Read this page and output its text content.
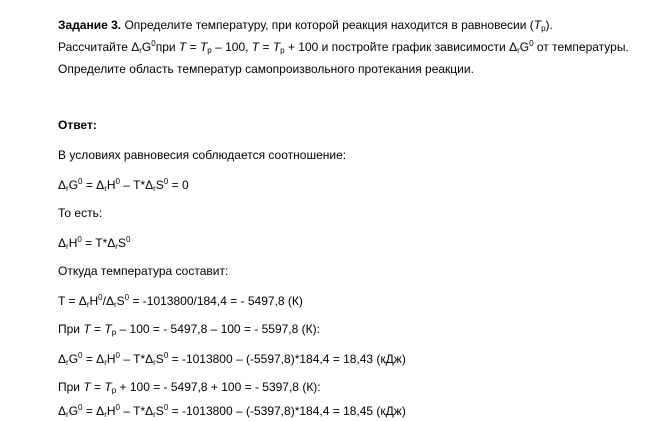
Задание 3. Определите температуру, при которой реакция находится в равновесии $(T_p)$.
Рассчитайте $\Delta_rG^0при$ $T = T_p - 100$, $T = T_p + 100$ и постройте график зависимости $\Delta_rG^0$ от температуры.
Определите область температур самопроизвольного протекания реакции.
Ответ:
В условиях равновесия соблюдается соотношение:
$\Delta_rG^0 = \Delta_rH^0 - T*\Delta_rS^0 = 0$
То есть:
$\Delta_rH^0 = T*\Delta_rS^0$
Откуда температура составит:
$T = \Delta_rH^0/\Delta_rS^0 = -1013800/184,4$ = - 5497,8 (К)
При $T = T_p - 100$ = - 5497,8 – 100 = - 5597,8 (К):
$\Delta_rG^0 = \Delta_rH^0 - T*\Delta_rS^0 = -1013800 - (-5597,8)*184,4 = 18,43$ (кДж)
При $T = T_p + 100$ = - 5497,8 + 100 = - 5397,8 (К):
$\Delta_rG^0 = \Delta_rH^0 - T*\Delta_rS^0 = -1013800 - (-5397,8)*184,4 = 18,45$ (кДж)
